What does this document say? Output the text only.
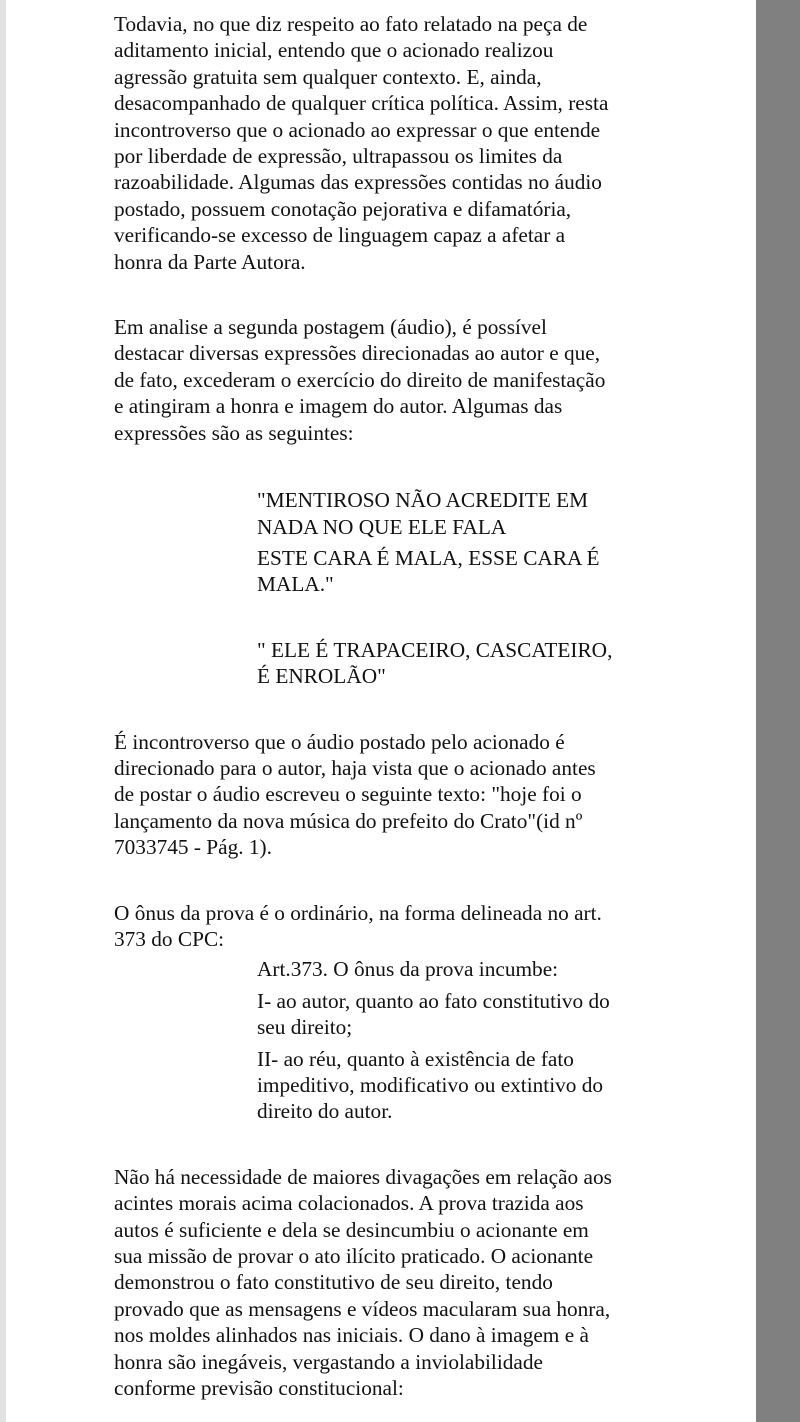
Todavia, no que diz respeito ao fato relatado na peça de
aditamento inicial, entendo que o acionado realizou
agressão gratuita sem qualquer contexto. E, ainda,
desacompanhado de qualquer crítica política. Assim, resta
incontroverso que o acionado ao expressar o que entende
por liberdade de expressão, ultrapassou os limites da
razoabilidade. Algumas das expressões contidas no áudio
postado, possuem conotação pejorativa e difamatória,
verificando-se excesso de linguagem capaz a afetar a
honra da Parte Autora.

Em analise a segunda postagem (áudio), é possível
destacar diversas expressões direcionadas ao autor e que,
de fato, excederam o exercício do direito de manifestação
e atingiram a honra e imagem do autor. Algumas das
expressões são as seguintes:

"MENTIROSO NÃO ACREDITE EM
NADA NO QUE ELE FALA

ESTE CARA É MALA, ESSE CARA É
MALA."

" ELE É TRAPACEIRO, CASCATEIRO,
É ENROLÃO"

É incontroverso que o áudio postado pelo acionado é
direcionado para o autor, haja vista que o acionado antes
de postar o áudio escreveu o seguinte texto: "hoje foi o
lançamento da nova música do prefeito do Crato"(id nº
7033745 - Pág. 1).

O ônus da prova é o ordinário, na forma delineada no art.
373 do CPC:

Art.373. O ônus da prova incumbe:

I- ao autor, quanto ao fato constitutivo do
seu direito;

II- ao réu, quanto à existência de fato
impeditivo, modificativo ou extintivo do
direito do autor.

Não há necessidade de maiores divagações em relação aos
acintes morais acima colacionados. A prova trazida aos
autos é suficiente e dela se desincumbiu o acionante em
sua missão de provar o ato ilícito praticado. O acionante
demonstrou o fato constitutivo de seu direito, tendo
provado que as mensagens e vídeos macularam sua honra,
nos moldes alinhados nas iniciais. O dano à imagem e à
honra são inegáveis, vergastando a inviolabilidade
conforme previsão constitucional:
